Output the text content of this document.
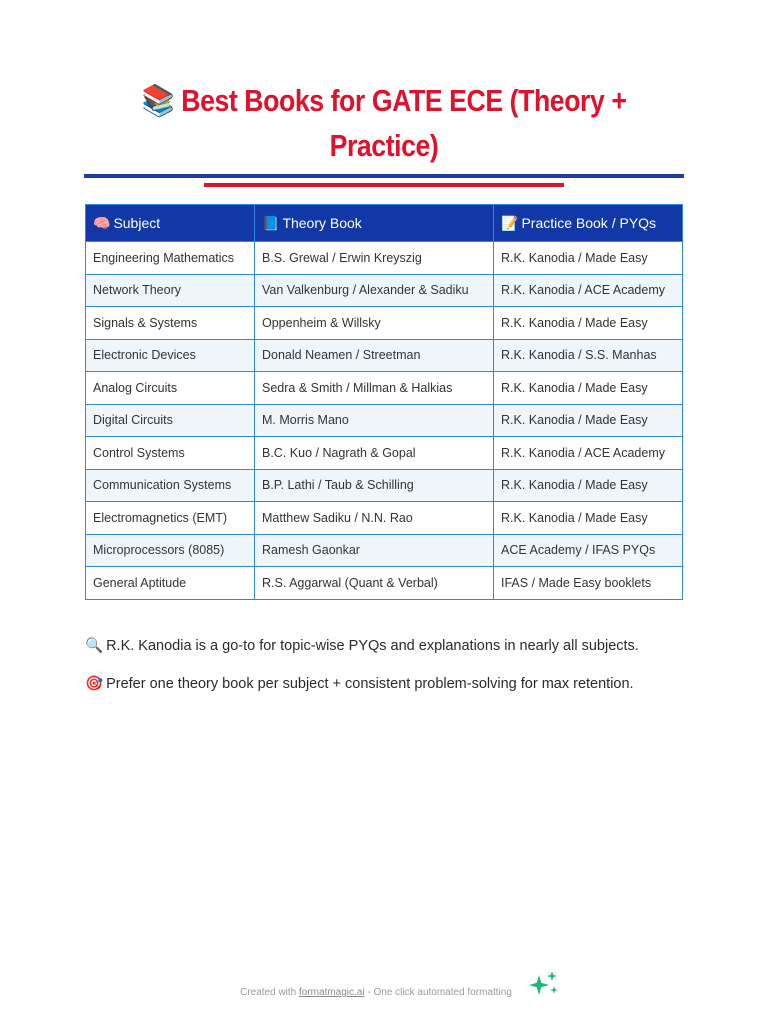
📚 Best Books for GATE ECE (Theory + Practice)
🧠 Subject	📘 Theory Book	📝 Practice Book / PYQs
Engineering Mathematics	B.S. Grewal / Erwin Kreyszig	R.K. Kanodia / Made Easy
Network Theory	Van Valkenburg / Alexander & Sadiku	R.K. Kanodia / ACE Academy
Signals & Systems	Oppenheim & Willsky	R.K. Kanodia / Made Easy
Electronic Devices	Donald Neamen / Streetman	R.K. Kanodia / S.S. Manhas
Analog Circuits	Sedra & Smith / Millman & Halkias	R.K. Kanodia / Made Easy
Digital Circuits	M. Morris Mano	R.K. Kanodia / Made Easy
Control Systems	B.C. Kuo / Nagrath & Gopal	R.K. Kanodia / ACE Academy
Communication Systems	B.P. Lathi / Taub & Schilling	R.K. Kanodia / Made Easy
Electromagnetics (EMT)	Matthew Sadiku / N.N. Rao	R.K. Kanodia / Made Easy
Microprocessors (8085)	Ramesh Gaonkar	ACE Academy / IFAS PYQs
General Aptitude	R.S. Aggarwal (Quant & Verbal)	IFAS / Made Easy booklets
🔍 R.K. Kanodia is a go-to for topic-wise PYQs and explanations in nearly all subjects.
🎯 Prefer one theory book per subject + consistent problem-solving for max retention.
Created with formatmagic.ai - One click automated formatting
